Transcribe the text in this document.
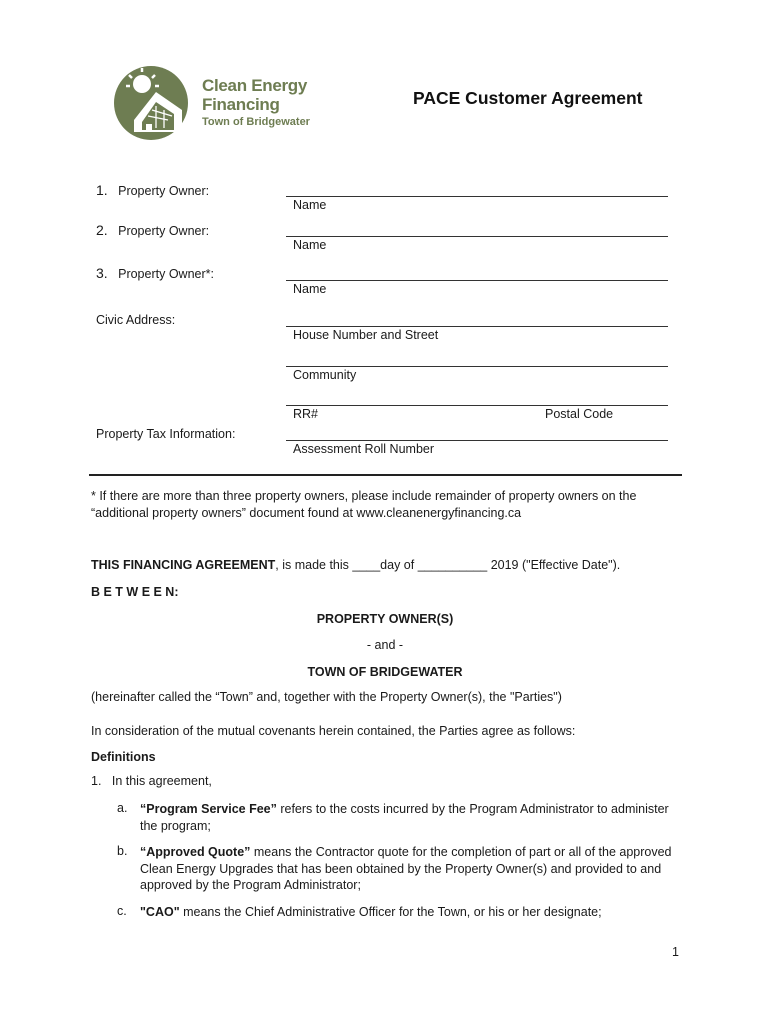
Clean Energy
Financing
Town of Bridgewater
PACE Customer Agreement
1. Property Owner:
Name
2. Property Owner:
Name
3. Property Owner*:
Name
Civic Address:
House Number and Street
Community
RR#	Postal Code
Property Tax Information:
Assessment Roll Number
* If there are more than three property owners, please include remainder of property owners on the
“additional property owners” document found at www.cleanenergyfinancing.ca
THIS FINANCING AGREEMENT, is made this ____day of __________ 2019 ("Effective Date").
B E T W E E N:
PROPERTY OWNER(S)
- and -
TOWN OF BRIDGEWATER
(hereinafter called the “Town” and, together with the Property Owner(s), the "Parties")
In consideration of the mutual covenants herein contained, the Parties agree as follows:
Definitions
1.   In this agreement,
a. “Program Service Fee” refers to the costs incurred by the Program Administrator to administer
the program;
b. “Approved Quote” means the Contractor quote for the completion of part or all of the approved
Clean Energy Upgrades that has been obtained by the Property Owner(s) and provided to and
approved by the Program Administrator;
c. "CAO" means the Chief Administrative Officer for the Town, or his or her designate;
1
